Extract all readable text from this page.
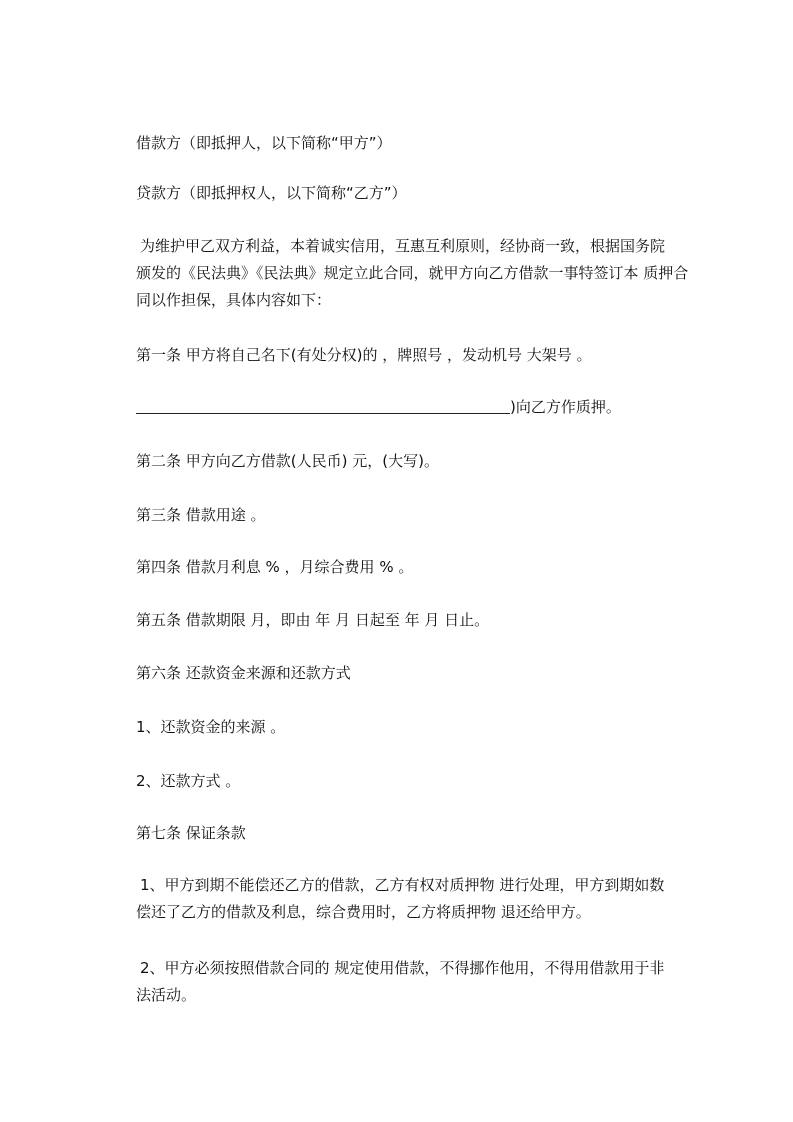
借款方（即抵押人，以下简称“甲方”）

贷款方（即抵押权人，以下简称“乙方”）

为维护甲乙双方利益，本着诚实信用，互惠互利原则，经协商一致，根据国务院
颁发的《民法典》《民法典》规定立此合同，就甲方向乙方借款一事特签订本 质押合
同以作担保，具体内容如下：

第一条 甲方将自己名下(有处分权)的 ，牌照号 ，发动机号 大架号 。

)向乙方作质押。

第二条 甲方向乙方借款(人民币) 元，(大写)。

第三条 借款用途 。

第四条 借款月利息 % ，月综合费用 % 。

第五条 借款期限 月，即由 年 月 日起至 年 月 日止。

第六条 还款资金来源和还款方式

1、还款资金的来源 。

2、还款方式 。

第七条 保证条款

1、甲方到期不能偿还乙方的借款，乙方有权对质押物 进行处理，甲方到期如数
偿还了乙方的借款及利息，综合费用时，乙方将质押物 退还给甲方。
2、甲方必须按照借款合同的 规定使用借款，不得挪作他用，不得用借款用于非
法活动。
